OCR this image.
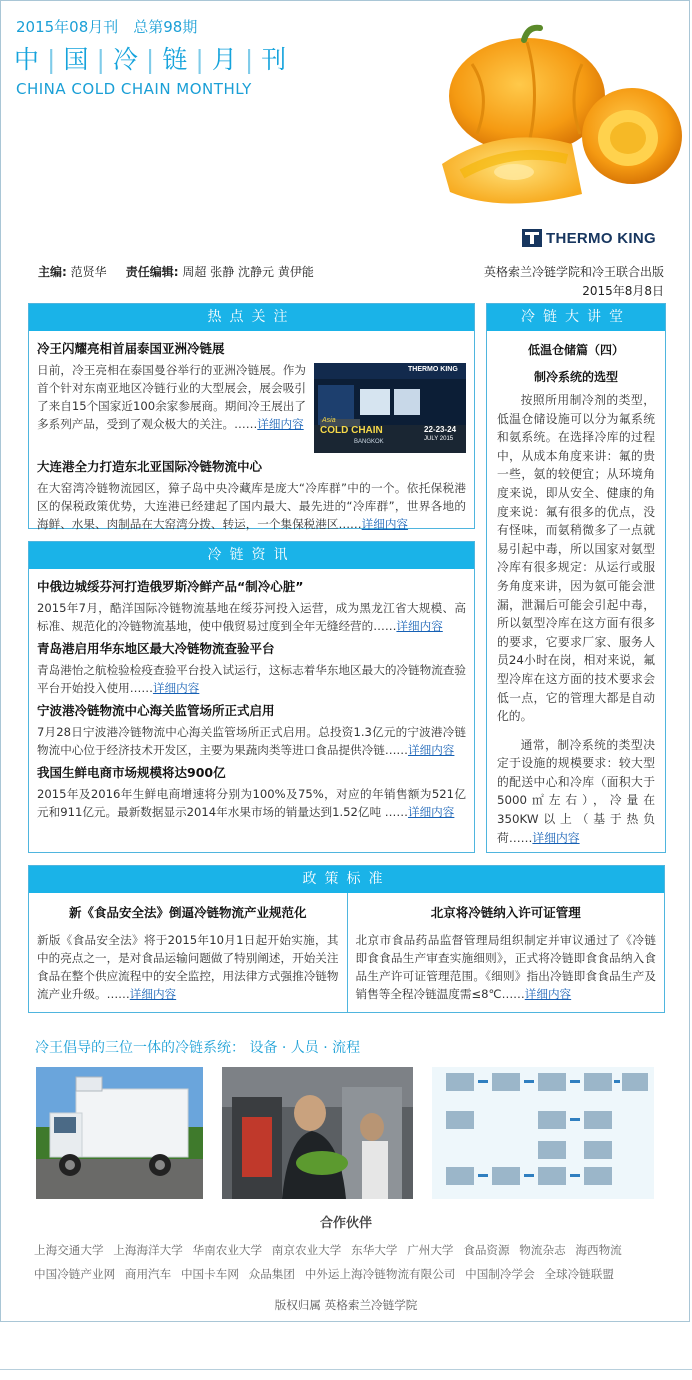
2015年08月刊　总第98期
中 | 国 | 冷 | 链 | 月 | 刊
CHINA COLD CHAIN MONTHLY
THERMO KING
主编: 范贤华 责任编辑: 周超 张静 沈静元 黄伊能	英格索兰冷链学院和冷王联合出版
2015年8月8日
热点关注
冷王闪耀亮相首届泰国亚洲冷链展
THERMO KING
Asia
COLD CHAIN
BANGKOK
22-23-24
JULY 2015
日前，冷王亮相在泰国曼谷举行的亚洲冷链展。作为首个针对东南亚地区冷链行业的大型展会，展会吸引了来自15个国家近100余家参展商。期间冷王展出了多系列产品，受到了观众极大的关注。……详细内容
大连港全力打造东北亚国际冷链物流中心
在大窑湾冷链物流园区，獐子岛中央冷藏库是庞大“冷库群”中的一个。依托保税港区的保税政策优势，大连港已经建起了国内最大、最先进的“冷库群”，世界各地的海鲜、水果、肉制品在大窑湾分拨、转运，一个集保税港区……详细内容
冷链资讯
中俄边城绥芬河打造俄罗斯冷鲜产品“制冷心脏”
2015年7月，酷洋国际冷链物流基地在绥芬河投入运营，成为黑龙江省大规模、高标准、规范化的冷链物流基地，使中俄贸易过度到全年无缝经营的……详细内容
青岛港启用华东地区最大冷链物流查验平台
青岛港怡之航检验检疫查验平台投入试运行，这标志着华东地区最大的冷链物流查验平台开始投入使用……详细内容
宁波港冷链物流中心海关监管场所正式启用
7月28日宁波港冷链物流中心海关监管场所正式启用。总投资1.3亿元的宁波港冷链物流中心位于经济技术开发区，主要为果蔬肉类等进口食品提供冷链……详细内容
我国生鲜电商市场规模将达900亿
2015年及2016年生鲜电商增速将分别为100%及75%，对应的年销售额为521亿元和911亿元。最新数据显示2014年水果市场的销量达到1.52亿吨 ……详细内容
冷链大讲堂
低温仓储篇（四）
制冷系统的选型
按照所用制冷剂的类型，低温仓储设施可以分为氟系统和氨系统。在选择冷库的过程中，从成本角度来讲：氟的贵一些，氨的较便宜；从环境角度来说，即从安全、健康的角度来说：氟有很多的优点，没有怪味，而氨稍微多了一点就易引起中毒，所以国家对氨型冷库有很多规定：从运行或服务角度来讲，因为氨可能会泄漏，泄漏后可能会引起中毒，所以氨型冷库在这方面有很多的要求，它要求厂家、服务人员24小时在岗，相对来说，氟型冷库在这方面的技术要求会低一点，它的管理大都是自动化的。
通常，制冷系统的类型决定于设施的规模要求：较大型的配送中心和冷库（面积大于5000㎡左右），冷量在350KW以上（基于热负荷……详细内容
政策标准
新《食品安全法》倒逼冷链物流产业规范化
新版《食品安全法》将于2015年10月1日起开始实施，其中的亮点之一，是对食品运输问题做了特别阐述，开始关注食品在整个供应流程中的安全监控，用法律方式强推冷链物流产业升级。……详细内容
北京将冷链纳入许可证管理
北京市食品药品监督管理局组织制定并审议通过了《冷链即食食品生产审查实施细则》，正式将冷链即食食品纳入食品生产许可证管理范围。《细则》指出冷链即食食品生产及销售等全程冷链温度需≤8℃……详细内容
冷王倡导的三位一体的冷链系统： 设备 · 人员 · 流程
合作伙伴
上海交通大学 上海海洋大学 华南农业大学 南京农业大学 东华大学 广州大学 食品资源 物流杂志 海西物流
中国冷链产业网 商用汽车 中国卡车网 众品集团 中外运上海冷链物流有限公司 中国制冷学会 全球冷链联盟
版权归属 英格索兰冷链学院
